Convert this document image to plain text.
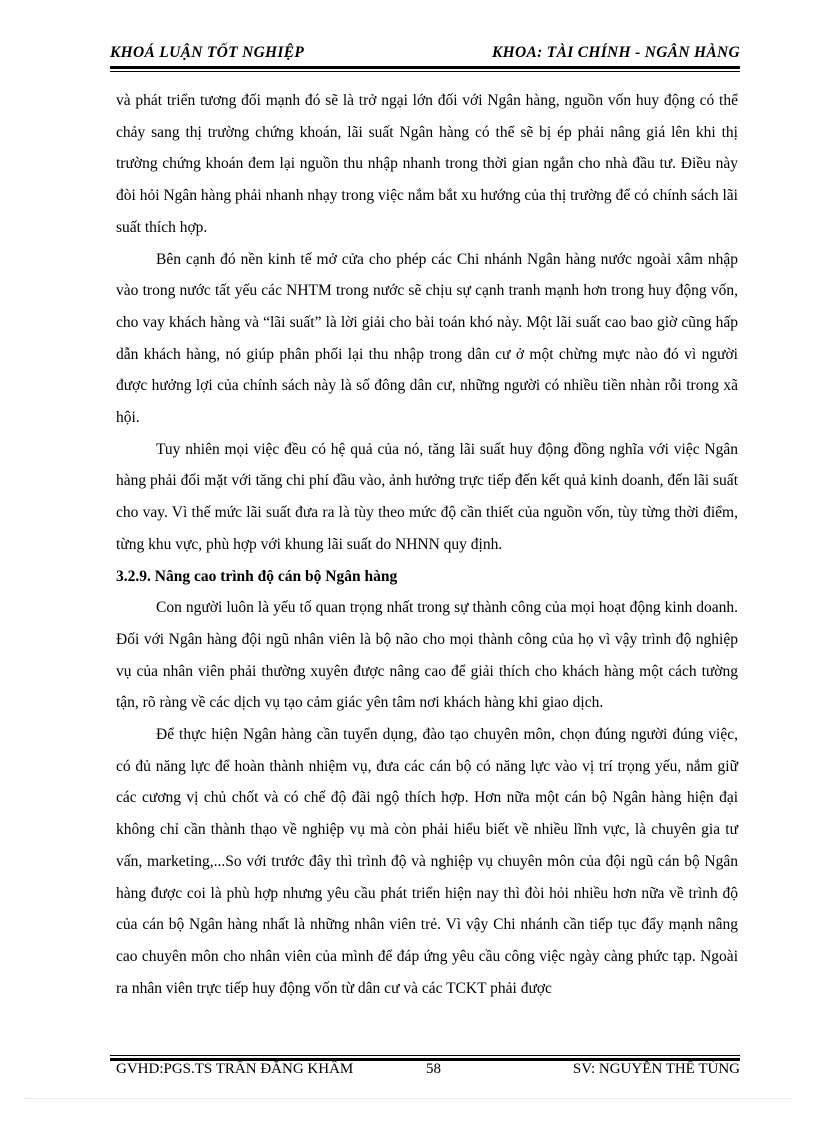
KHOÁ LUẬN TỐT NGHIỆP	KHOA: TÀI CHÍNH - NGÂN HÀNG

và phát triển tương đối mạnh đó sẽ là trở ngại lớn đối với Ngân hàng, nguồn vốn huy động có thể chảy sang thị trường chứng khoán, lãi suất Ngân hàng có thể sẽ bị ép phải nâng giá lên khi thị trường chứng khoán đem lại nguồn thu nhập nhanh trong thời gian ngắn cho nhà đầu tư. Điều này đòi hỏi Ngân hàng phải nhanh nhạy trong việc nắm bắt xu hướng của thị trường để có chính sách lãi suất thích hợp.

Bên cạnh đó nền kinh tế mở cửa cho phép các Chi nhánh Ngân hàng nước ngoài xâm nhập vào trong nước tất yếu các NHTM trong nước sẽ chịu sự cạnh tranh mạnh hơn trong huy động vốn, cho vay khách hàng và “lãi suất” là lời giải cho bài toán khó này. Một lãi suất cao bao giờ cũng hấp dẫn khách hàng, nó giúp phân phối lại thu nhập trong dân cư ở một chừng mực nào đó vì người được hưởng lợi của chính sách này là số đông dân cư, những người có nhiều tiền nhàn rỗi trong xã hội.

Tuy nhiên mọi việc đều có hệ quả của nó, tăng lãi suất huy động đồng nghĩa với việc Ngân hàng phải đối mặt với tăng chi phí đầu vào, ảnh hưởng trực tiếp đến kết quả kinh doanh, đến lãi suất cho vay. Vì thế mức lãi suất đưa ra là tùy theo mức độ cần thiết của nguồn vốn, tùy từng thời điểm, từng khu vực, phù hợp với khung lãi suất do NHNN quy định.

3.2.9. Nâng cao trình độ cán bộ Ngân hàng

Con người luôn là yếu tố quan trọng nhất trong sự thành công của mọi hoạt động kinh doanh. Đối với Ngân hàng đội ngũ nhân viên là bộ não cho mọi thành công của họ vì vậy trình độ nghiệp vụ của nhân viên phải thường xuyên được nâng cao để giải thích cho khách hàng một cách tường tận, rõ ràng về các dịch vụ tạo cảm giác yên tâm nơi khách hàng khi giao dịch.

Để thực hiện Ngân hàng cần tuyển dụng, đào tạo chuyên môn, chọn đúng người đúng việc, có đủ năng lực để hoàn thành nhiệm vụ, đưa các cán bộ có năng lực vào vị trí trọng yếu, nắm giữ các cương vị chủ chốt và có chế độ đãi ngộ thích hợp. Hơn nữa một cán bộ Ngân hàng hiện đại không chỉ cần thành thạo về nghiệp vụ mà còn phải hiểu biết về nhiều lĩnh vực, là chuyên gia tư vấn, marketing,...So với trước đây thì trình độ và nghiệp vụ chuyên môn của đội ngũ cán bộ Ngân hàng được coi là phù hợp nhưng yêu cầu phát triển hiện nay thì đòi hỏi nhiều hơn nữa về trình độ của cán bộ Ngân hàng nhất là những nhân viên trẻ. Vì vậy Chi nhánh cần tiếp tục đẩy mạnh nâng cao chuyên môn cho nhân viên của mình để đáp ứng yêu cầu công việc ngày càng phức tạp. Ngoài ra nhân viên trực tiếp huy động vốn từ dân cư và các TCKT phải được

GVHD:PGS.TS TRẦN ĐĂNG KHÂM	58	SV: NGUYỄN THẾ TÙNG
